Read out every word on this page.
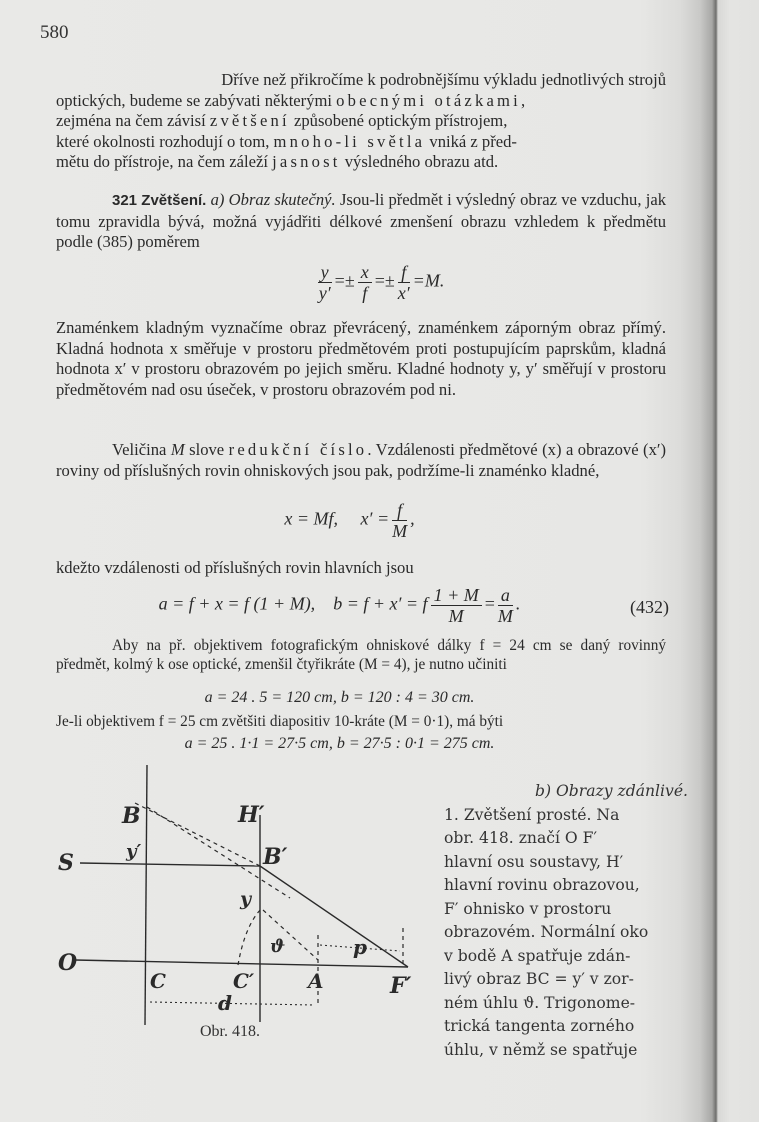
580

Dříve než přikročíme k podrobnějšímu výkladu jednotlivých strojů

optických, budeme se zabývati některými obecnými otázkami,

zejména na čem závisí zvětšení způsobené optickým přístrojem,

které okolnosti rozhodují o tom, mnoho-li světla vniká z před-

mětu do přístroje, na čem záleží jasnost výsledného obrazu atd.

321 Zvětšení. a) Obraz skutečný. Jsou-li předmět i výsledný obraz ve vzduchu, jak tomu zpravidla bývá, možná vyjádřiti délkové zmenšení obrazu vzhledem k předmětu podle (385) poměrem

$\frac{y}{y'} =\pm \frac{x}{f} =\pm \frac{f}{x'} =M$.

Znaménkem kladným vyznačíme obraz převrácený, znaménkem záporným obraz přímý. Kladná hodnota x směřuje v prostoru předmětovém proti postupujícím paprskům, kladná hodnota x′ v prostoru obrazovém po jejich směru. Kladné hodnoty y, y′ směřují v prostoru předmětovém nad osu úseček, v prostoru obrazovém pod ni.

Veličina M slove redukční číslo. Vzdálenosti předmětové (x) a obrazové (x′) roviny od příslušných rovin ohniskových jsou pak, podržíme-li znaménko kladné,

x = Mf, $x' = \frac{f}{M}$ ,

kdežto vzdálenosti od příslušných rovin hlavních jsou

a = f + x = f (1 + M), b = f + x′ = f $\frac{1 + M}{M} = \frac{a}{M}$ .	(432)

Aby na př. objektivem fotografickým ohniskové dálky f = 24 cm se daný rovinný předmět, kolmý k ose optické, zmenšil čtyřikráte (M = 4), je nutno učiniti

a = 24 . 5 = 120 cm, b = 120 : 4 = 30 cm.

Je-li objektivem f = 25 cm zvětšiti diapositiv 10-kráte (M = 0·1), má býti

a = 25 . 1·1 = 27·5 cm, b = 27·5 : 0·1 = 275 cm.
b) Obrazy zdánlivé.
1. Zvětšení prosté. Na
obr. 418. značí O F′
hlavní osu soustavy, H′
hlavní rovinu obrazovou,
F′ ohnisko v prostoru
obrazovém. Normální oko
v bodě A spatřuje zdán-
livý obraz BC = y′ v zor-
ném úhlu ϑ. Trigonome-
trická tangenta zorného
úhlu, v němž se spatřuje
B	H′
S	y′	B′
y
O
C	C′
ϑ	p
A	F′
d
Obr. 418.
